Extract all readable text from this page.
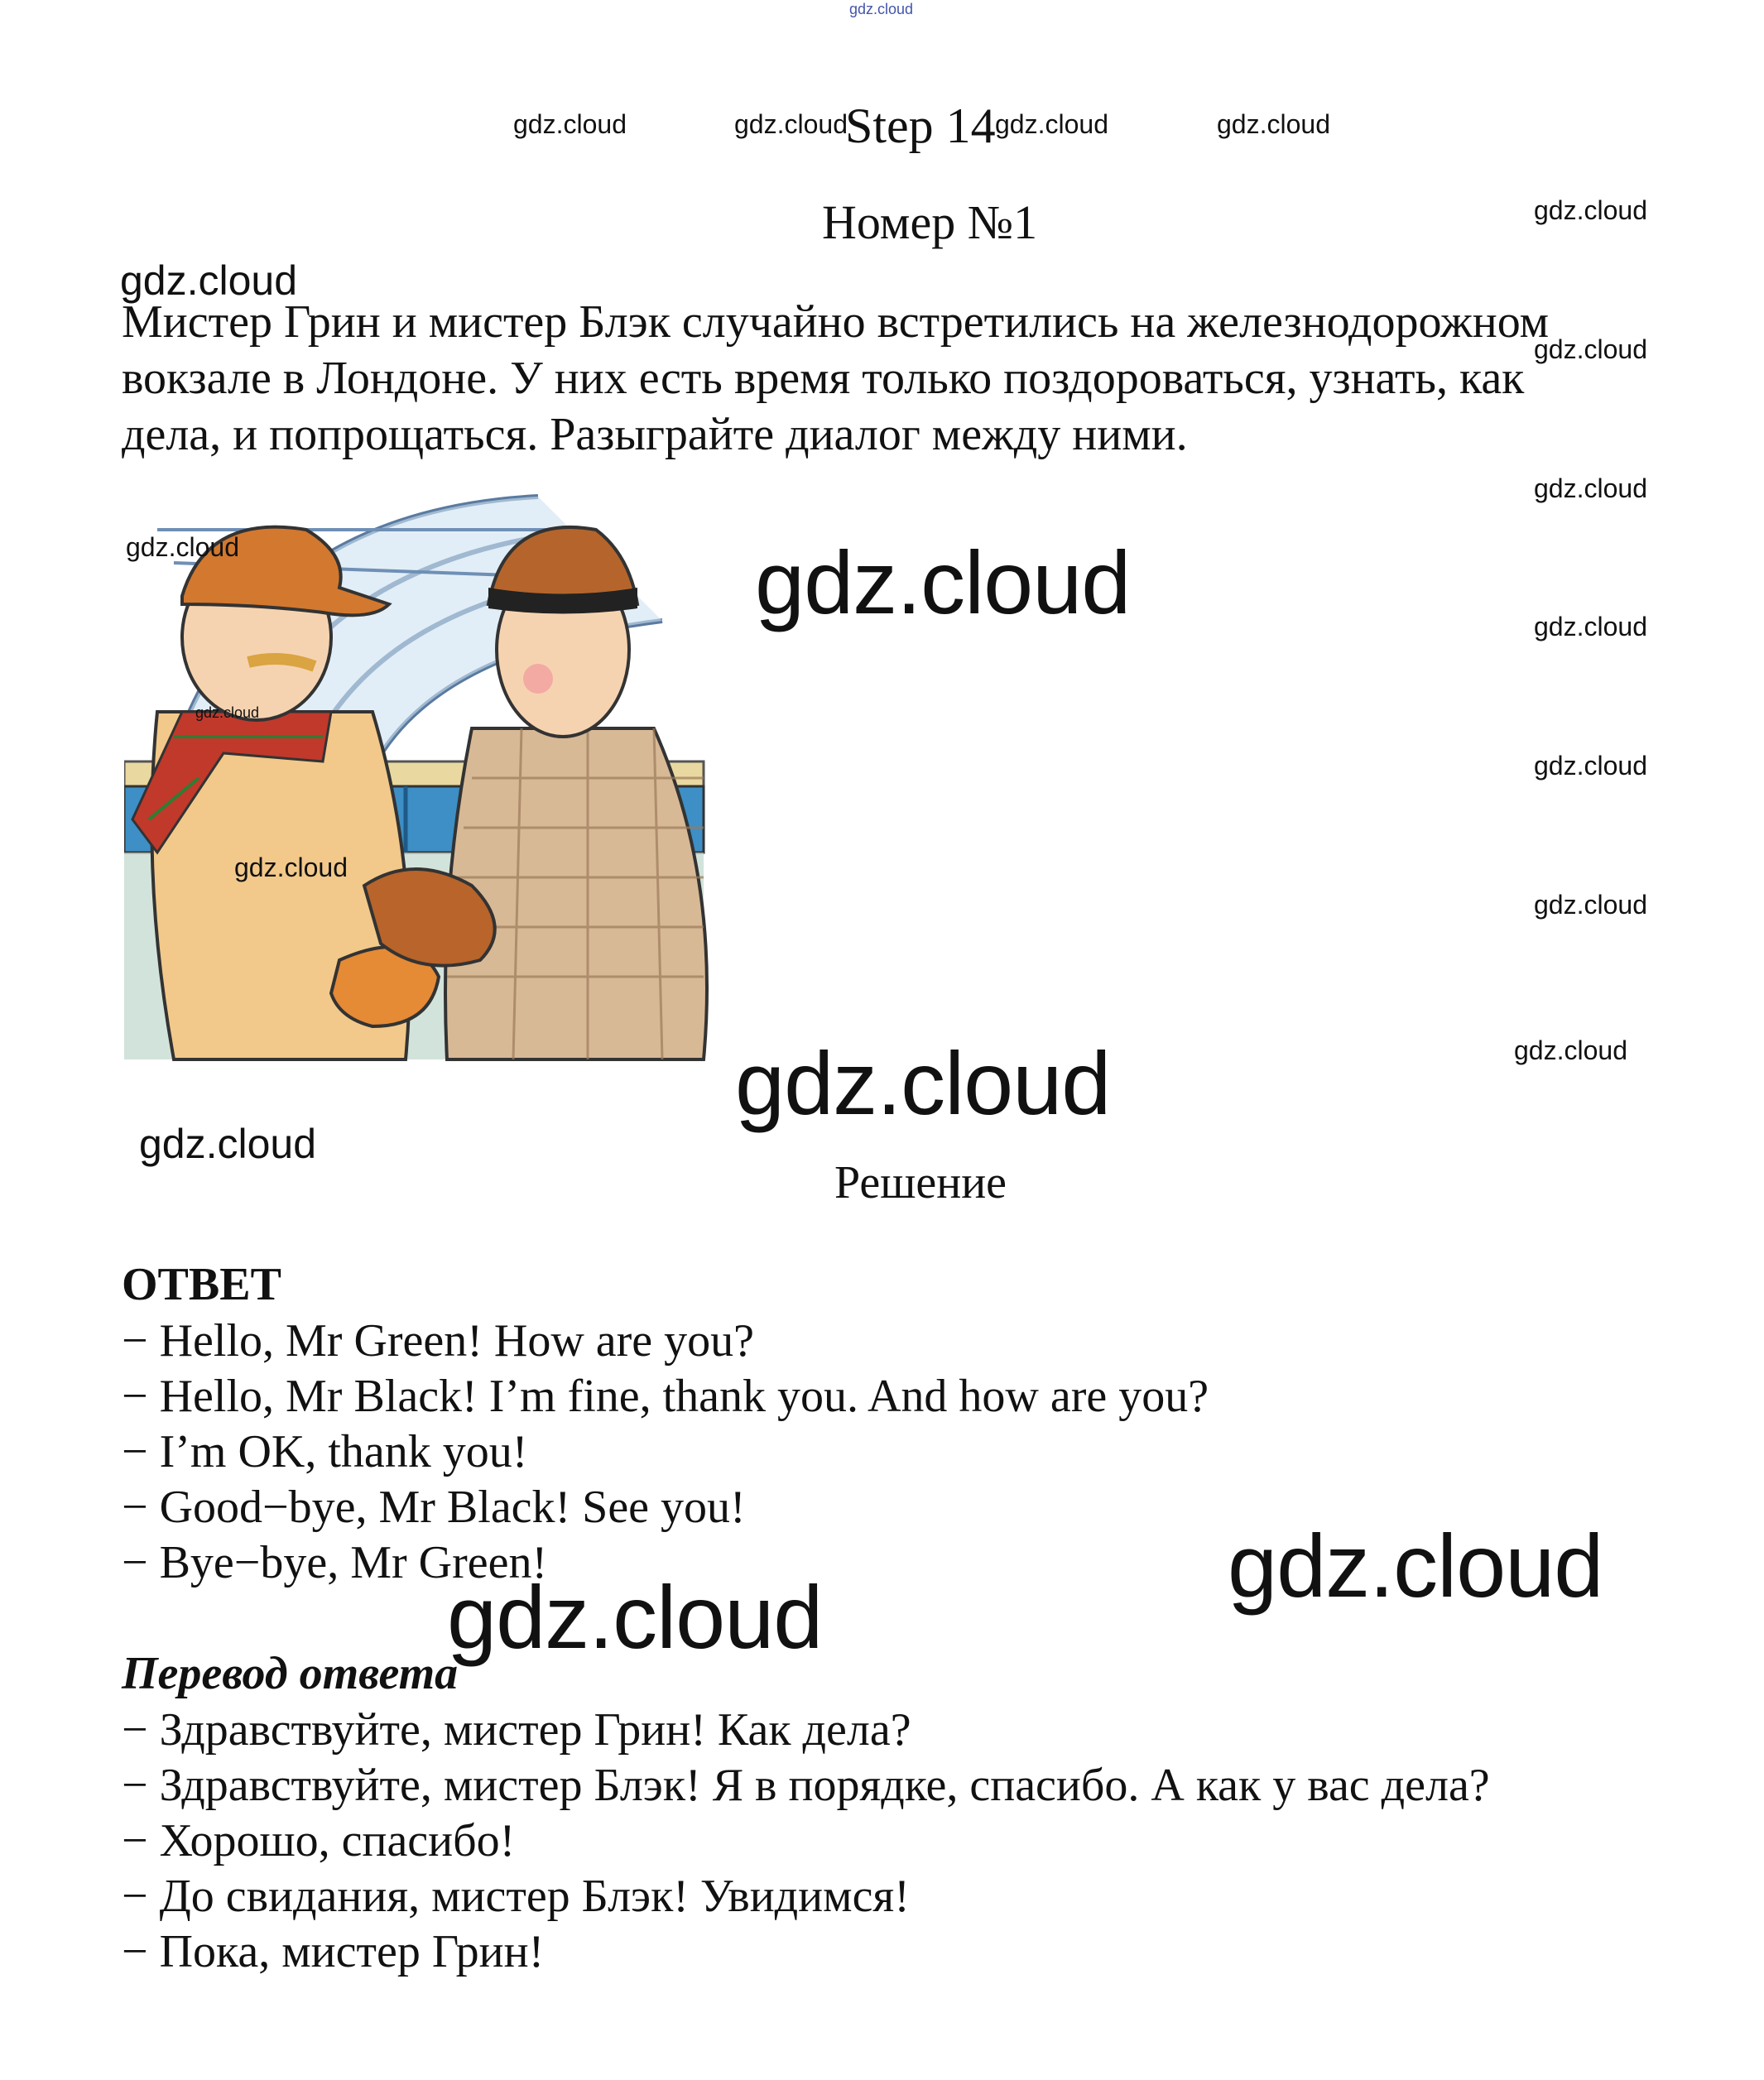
gdz.cloud
gdz.cloud	gdz.cloud
Step 14 gdz.cloud	gdz.cloud
Номер №1	gdz.cloud
gdz.cloud
Мистер Грин и мистер Блэк случайно встретились на железнодорожном
вокзале в Лондоне. У них есть время только поздороваться, узнать, как
дела, и попрощаться. Разыграйте диалог между ними.
gdz.cloud
gdz.cloud
gdz.cloud
gdz.cloud
gdz.cloud
gdz.cloud
gdz.cloud
gdz.cloud
gdz.cloud
gdz.cloud
gdz.cloud
gdz.cloud
Решение
ОТВЕТ
− Hello, Mr Green! How are you?
− Hello, Mr Black! I’m fine, thank you. And how are you?
− I’m OK, thank you!
− Good−bye, Mr Black! See you!
− Bye−bye, Mr Green!	gdz.cloud
gdz.cloud
Перевод ответа
− Здравствуйте, мистер Грин! Как дела?
− Здравствуйте, мистер Блэк! Я в порядке, спасибо. А как у вас дела?
− Хорошо, спасибо!
− До свидания, мистер Блэк! Увидимся!
− Пока, мистер Грин!
